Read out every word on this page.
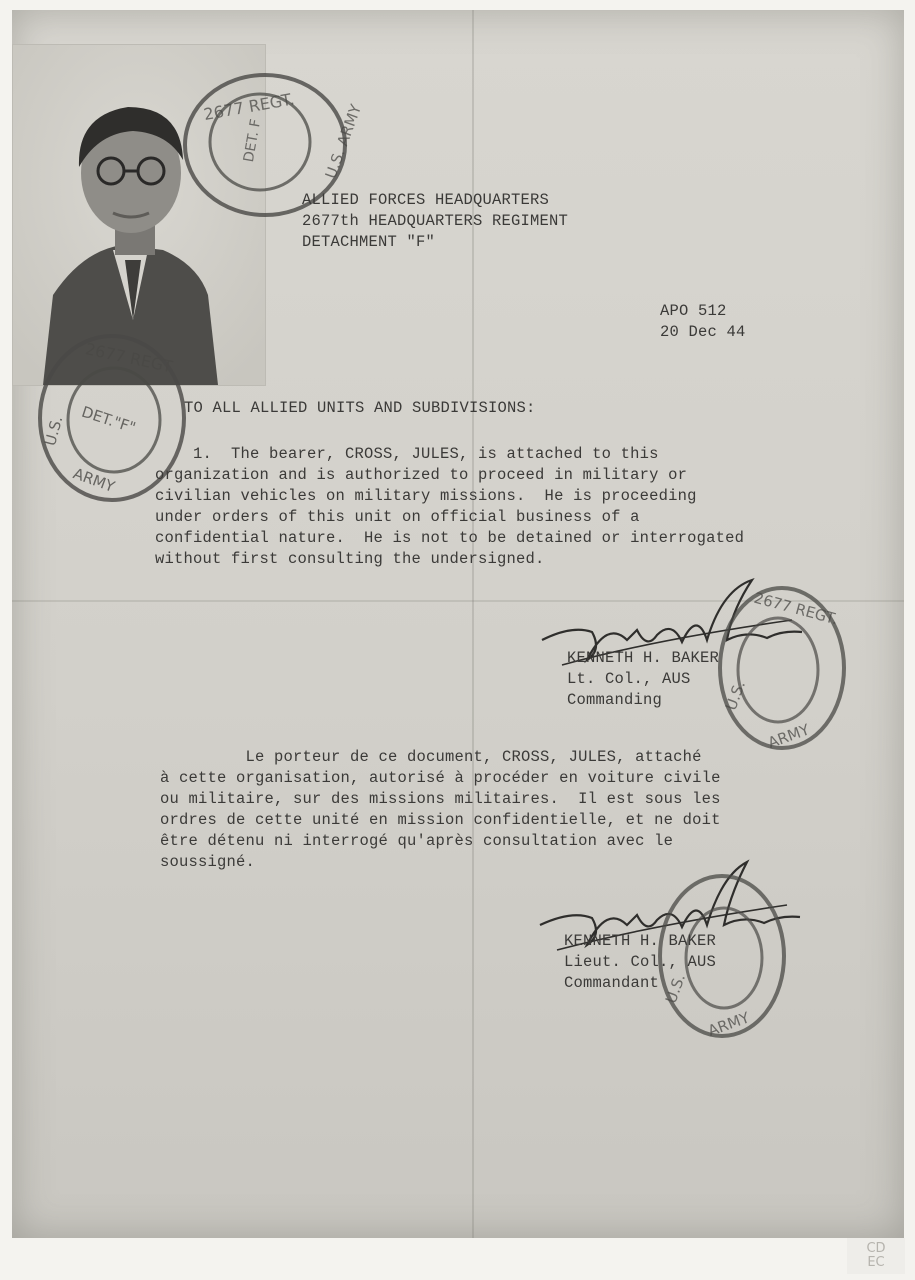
2677 REGT.
DET. F	U.S. ARMY
2677 REGT
DET."F"
U.S.
ARMY
ALLIED FORCES HEADQUARTERS
2677th HEADQUARTERS REGIMENT
DETACHMENT "F"
APO 512
20 Dec 44
TO ALL ALLIED UNITS AND SUBDIVISIONS:
1.  The bearer, CROSS, JULES, is attached to this
organization and is authorized to proceed in military or
civilian vehicles on military missions.  He is proceeding
under orders of this unit on official business of a
confidential nature.  He is not to be detained or interrogated
without first consulting the undersigned.
2677 REGT.
U.S.
ARMY
KENNETH H. BAKER
Lt. Col., AUS
Commanding
Le porteur de ce document, CROSS, JULES, attaché
à cette organisation, autorisé à procéder en voiture civile
ou militaire, sur des missions militaires.  Il est sous les
ordres de cette unité en mission confidentielle, et ne doit
être détenu ni interrogé qu'après consultation avec le
soussigné.
U.S.
ARMY
KENNETH H. BAKER
Lieut. Col., AUS
Commandant
CD
EC
